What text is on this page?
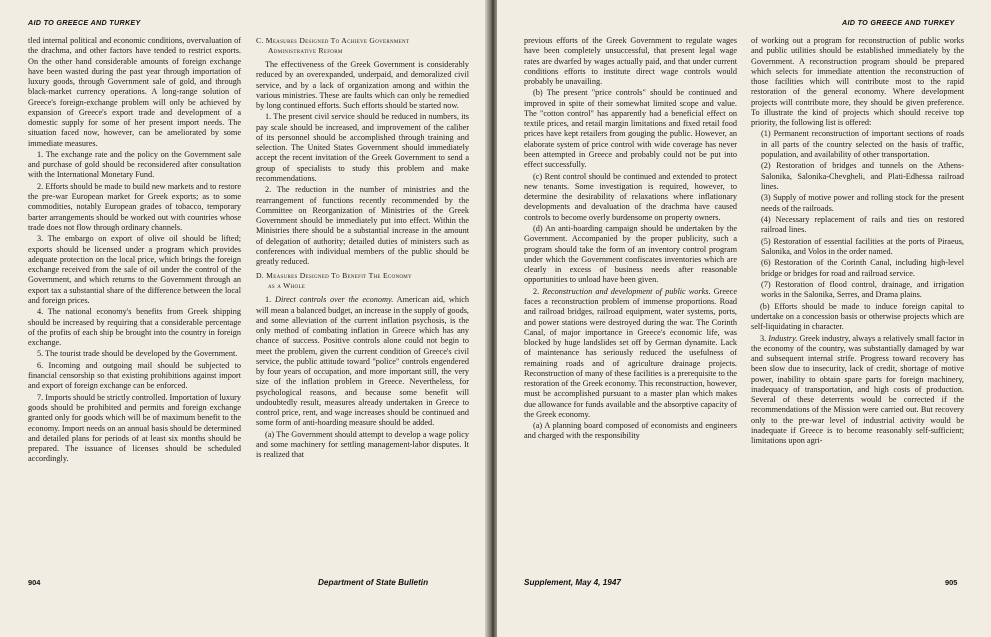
AID TO GREECE AND TURKEY

tled internal political and economic conditions, overvaluation of the drachma, and other factors have tended to restrict exports. On the other hand considerable amounts of foreign exchange have been wasted during the past year through importation of luxury goods, through Government sale of gold, and through black-market currency operations. A long-range solution of Greece's foreign-exchange problem will only be achieved by expansion of Greece's export trade and development of a domestic supply for some of her present import needs. The situation faced now, however, can be ameliorated by some immediate measures.

1. The exchange rate and the policy on the Government sale and purchase of gold should be reconsidered after consultation with the International Monetary Fund.

2. Efforts should be made to build new markets and to restore the pre-war European market for Greek exports; as to some commodities, notably European grades of tobacco, temporary barter arrangements should be worked out with countries whose trade does not flow through ordinary channels.

3. The embargo on export of olive oil should be lifted; exports should be licensed under a program which provides adequate protection on the local price, which brings the foreign exchange received from the sale of oil under the control of the Government, and which returns to the Government through an export tax a substantial share of the difference between the local and foreign prices.

4. The national economy's benefits from Greek shipping should be increased by requiring that a considerable percentage of the profits of each ship be brought into the country in foreign exchange.

5. The tourist trade should be developed by the Government.

6. Incoming and outgoing mail should be subjected to financial censorship so that existing prohibitions against import and export of foreign exchange can be enforced.

7. Imports should be strictly controlled. Importation of luxury goods should be prohibited and permits and foreign exchange granted only for goods which will be of maximum benefit to the economy. Import needs on an annual basis should be determined and detailed plans for periods of at least six months should be prepared. The issuance of licenses should be scheduled accordingly.

C. Measures Designed To Achieve Government
Administrative Reform

The effectiveness of the Greek Government is considerably reduced by an overexpanded, underpaid, and demoralized civil service, and by a lack of organization among and within the various ministries. These are faults which can only be remedied by long continued efforts. Such efforts should be started now.

1. The present civil service should be reduced in numbers, its pay scale should be increased, and improvement of the caliber of its personnel should be accomplished through training and selection. The United States Government should immediately accept the recent invitation of the Greek Government to send a group of specialists to study this problem and make recommendations.

2. The reduction in the number of ministries and the rearrangement of functions recently recommended by the Committee on Reorganization of Ministries of the Greek Government should be immediately put into effect. Within the Ministries there should be a substantial increase in the amount of delegation of authority; detailed duties of ministers such as conferences with individual members of the public should be greatly reduced.

D. Measures Designed To Benefit The Economy
as a Whole

1. Direct controls over the economy. American aid, which will mean a balanced budget, an increase in the supply of goods, and some alleviation of the current inflation psychosis, is the only method of combating inflation in Greece which has any chance of success. Positive controls alone could not begin to meet the problem, given the current condition of Greece's civil service, the public attitude toward "police" controls engendered by four years of occupation, and more important still, the very size of the inflation problem in Greece. Nevertheless, for psychological reasons, and because some benefit will undoubtedly result, measures already undertaken in Greece to control price, rent, and wage increases should be continued and some form of anti-hoarding measure should be added.

(a) The Government should attempt to develop a wage policy and some machinery for settling management-labor disputes. It is realized that

904	Department of State Bulletin
AID TO GREECE AND TURKEY

previous efforts of the Greek Government to regulate wages have been completely unsuccessful, that present legal wage rates are dwarfed by wages actually paid, and that under current conditions efforts to institute direct wage controls would probably be unavailing.

(b) The present "price controls" should be continued and improved in spite of their somewhat limited scope and value. The "cotton control" has apparently had a beneficial effect on textile prices, and retail margin limitations and fixed retail food prices have kept retailers from gouging the public. However, an elaborate system of price control with wide coverage has never been attempted in Greece and probably could not be put into effect successfully.

(c) Rent control should be continued and extended to protect new tenants. Some investigation is required, however, to determine the desirability of relaxations where inflationary developments and devaluation of the drachma have caused controls to become overly burdensome on property owners.

(d) An anti-hoarding campaign should be undertaken by the Government. Accompanied by the proper publicity, such a program should take the form of an inventory control program under which the Government confiscates inventories which are clearly in excess of business needs after reasonable opportunities to unload have been given.

2. Reconstruction and development of public works. Greece faces a reconstruction problem of immense proportions. Road and railroad bridges, railroad equipment, water systems, ports, and power stations were destroyed during the war. The Corinth Canal, of major importance in Greece's economic life, was blocked by huge landslides set off by German dynamite. Lack of maintenance has seriously reduced the usefulness of remaining roads and of agriculture drainage projects. Reconstruction of many of these facilities is a prerequisite to the restoration of the Greek economy. This reconstruction, however, must be accomplished pursuant to a master plan which makes due allowance for funds available and the absorptive capacity of the Greek economy.

(a) A planning board composed of economists and engineers and charged with the responsibility

of working out a program for reconstruction of public works and public utilities should be established immediately by the Government. A reconstruction program should be prepared which selects for immediate attention the reconstruction of those facilities which will contribute most to the rapid restoration of the general economy. Where development projects will contribute more, they should be given preference. To illustrate the kind of projects which should receive top priority, the following list is offered:

(1) Permanent reconstruction of important sections of roads in all parts of the country selected on the basis of traffic, population, and availability of other transportation.

(2) Restoration of bridges and tunnels on the Athens-Salonika, Salonika-Chevgheli, and Plati-Edhessa railroad lines.

(3) Supply of motive power and rolling stock for the present needs of the railroads.

(4) Necessary replacement of rails and ties on restored railroad lines.

(5) Restoration of essential facilities at the ports of Piraeus, Salonika, and Volos in the order named.

(6) Restoration of the Corinth Canal, including high-level bridge or bridges for road and railroad service.

(7) Restoration of flood control, drainage, and irrigation works in the Salonika, Serres, and Drama plains.

(b) Efforts should be made to induce foreign capital to undertake on a concession basis or otherwise projects which are self-liquidating in character.

3. Industry. Greek industry, always a relatively small factor in the economy of the country, was substantially damaged by war and subsequent internal strife. Progress toward recovery has been slow due to insecurity, lack of credit, shortage of motive power, inability to obtain spare parts for foreign machinery, inadequacy of transportation, and high costs of production. Several of these deterrents would be corrected if the recommendations of the Mission were carried out. But recovery only to the pre-war level of industrial activity would be inadequate if Greece is to become reasonably self-sufficient; limitations upon agri-

Supplement, May 4, 1947	905
